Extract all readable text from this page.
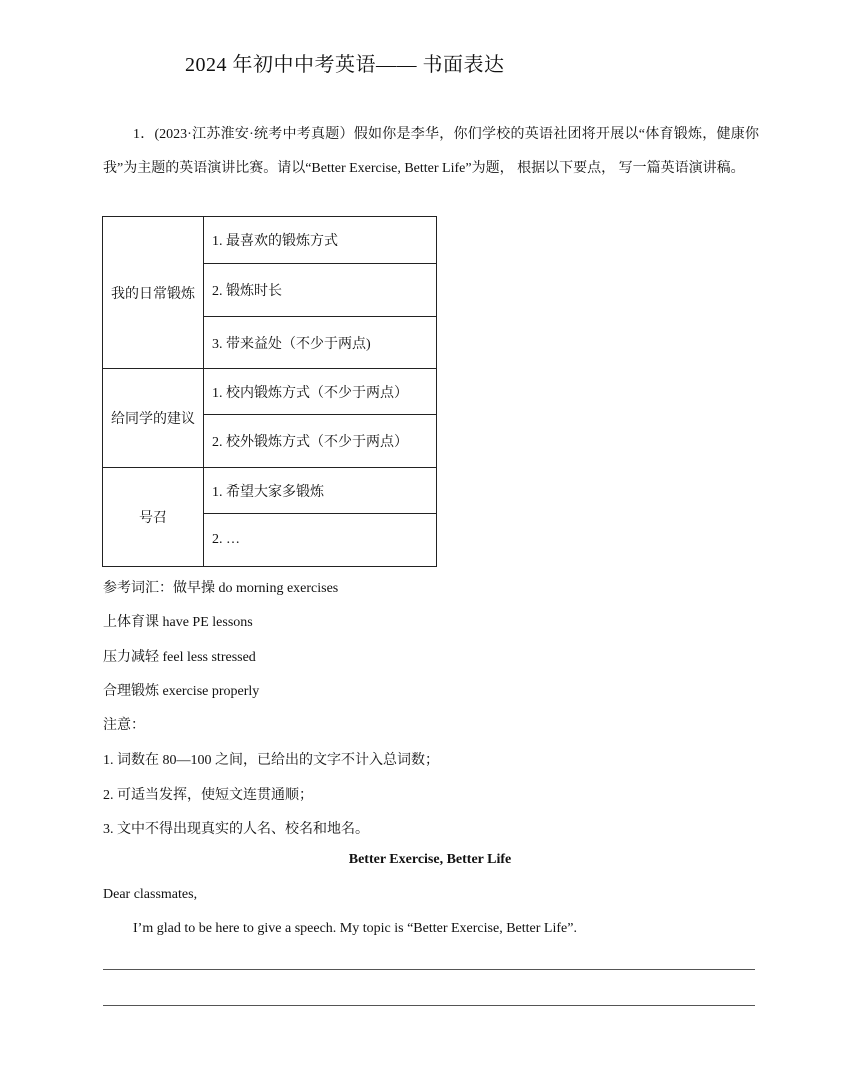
2024 年初中中考英语—— 书面表达
1．(2023·江苏淮安·统考中考真题）假如你是李华，你们学校的英语社团将开展以“体育锻炼，健康你我”为主题的英语演讲比赛。请以“Better Exercise, Better Life”为题， 根据以下要点， 写一篇英语演讲稿。
我的日常锻炼	1. 最喜欢的锻炼方式
	2. 锻炼时长
	3. 带来益处（不少于两点)
给同学的建议	1. 校内锻炼方式（不少于两点）
	2. 校外锻炼方式（不少于两点）
号召	1. 希望大家多锻炼
	2. …
参考词汇：做早操 do morning exercises
上体育课 have PE lessons
压力减轻 feel less stressed
合理锻炼 exercise properly
注意：
1. 词数在 80—100 之间，已给出的文字不计入总词数；
2. 可适当发挥，使短文连贯通顺；
3. 文中不得出现真实的人名、校名和地名。
Better Exercise, Better Life
Dear classmates,
I’m glad to be here to give a speech. My topic is “Better Exercise, Better Life”.
